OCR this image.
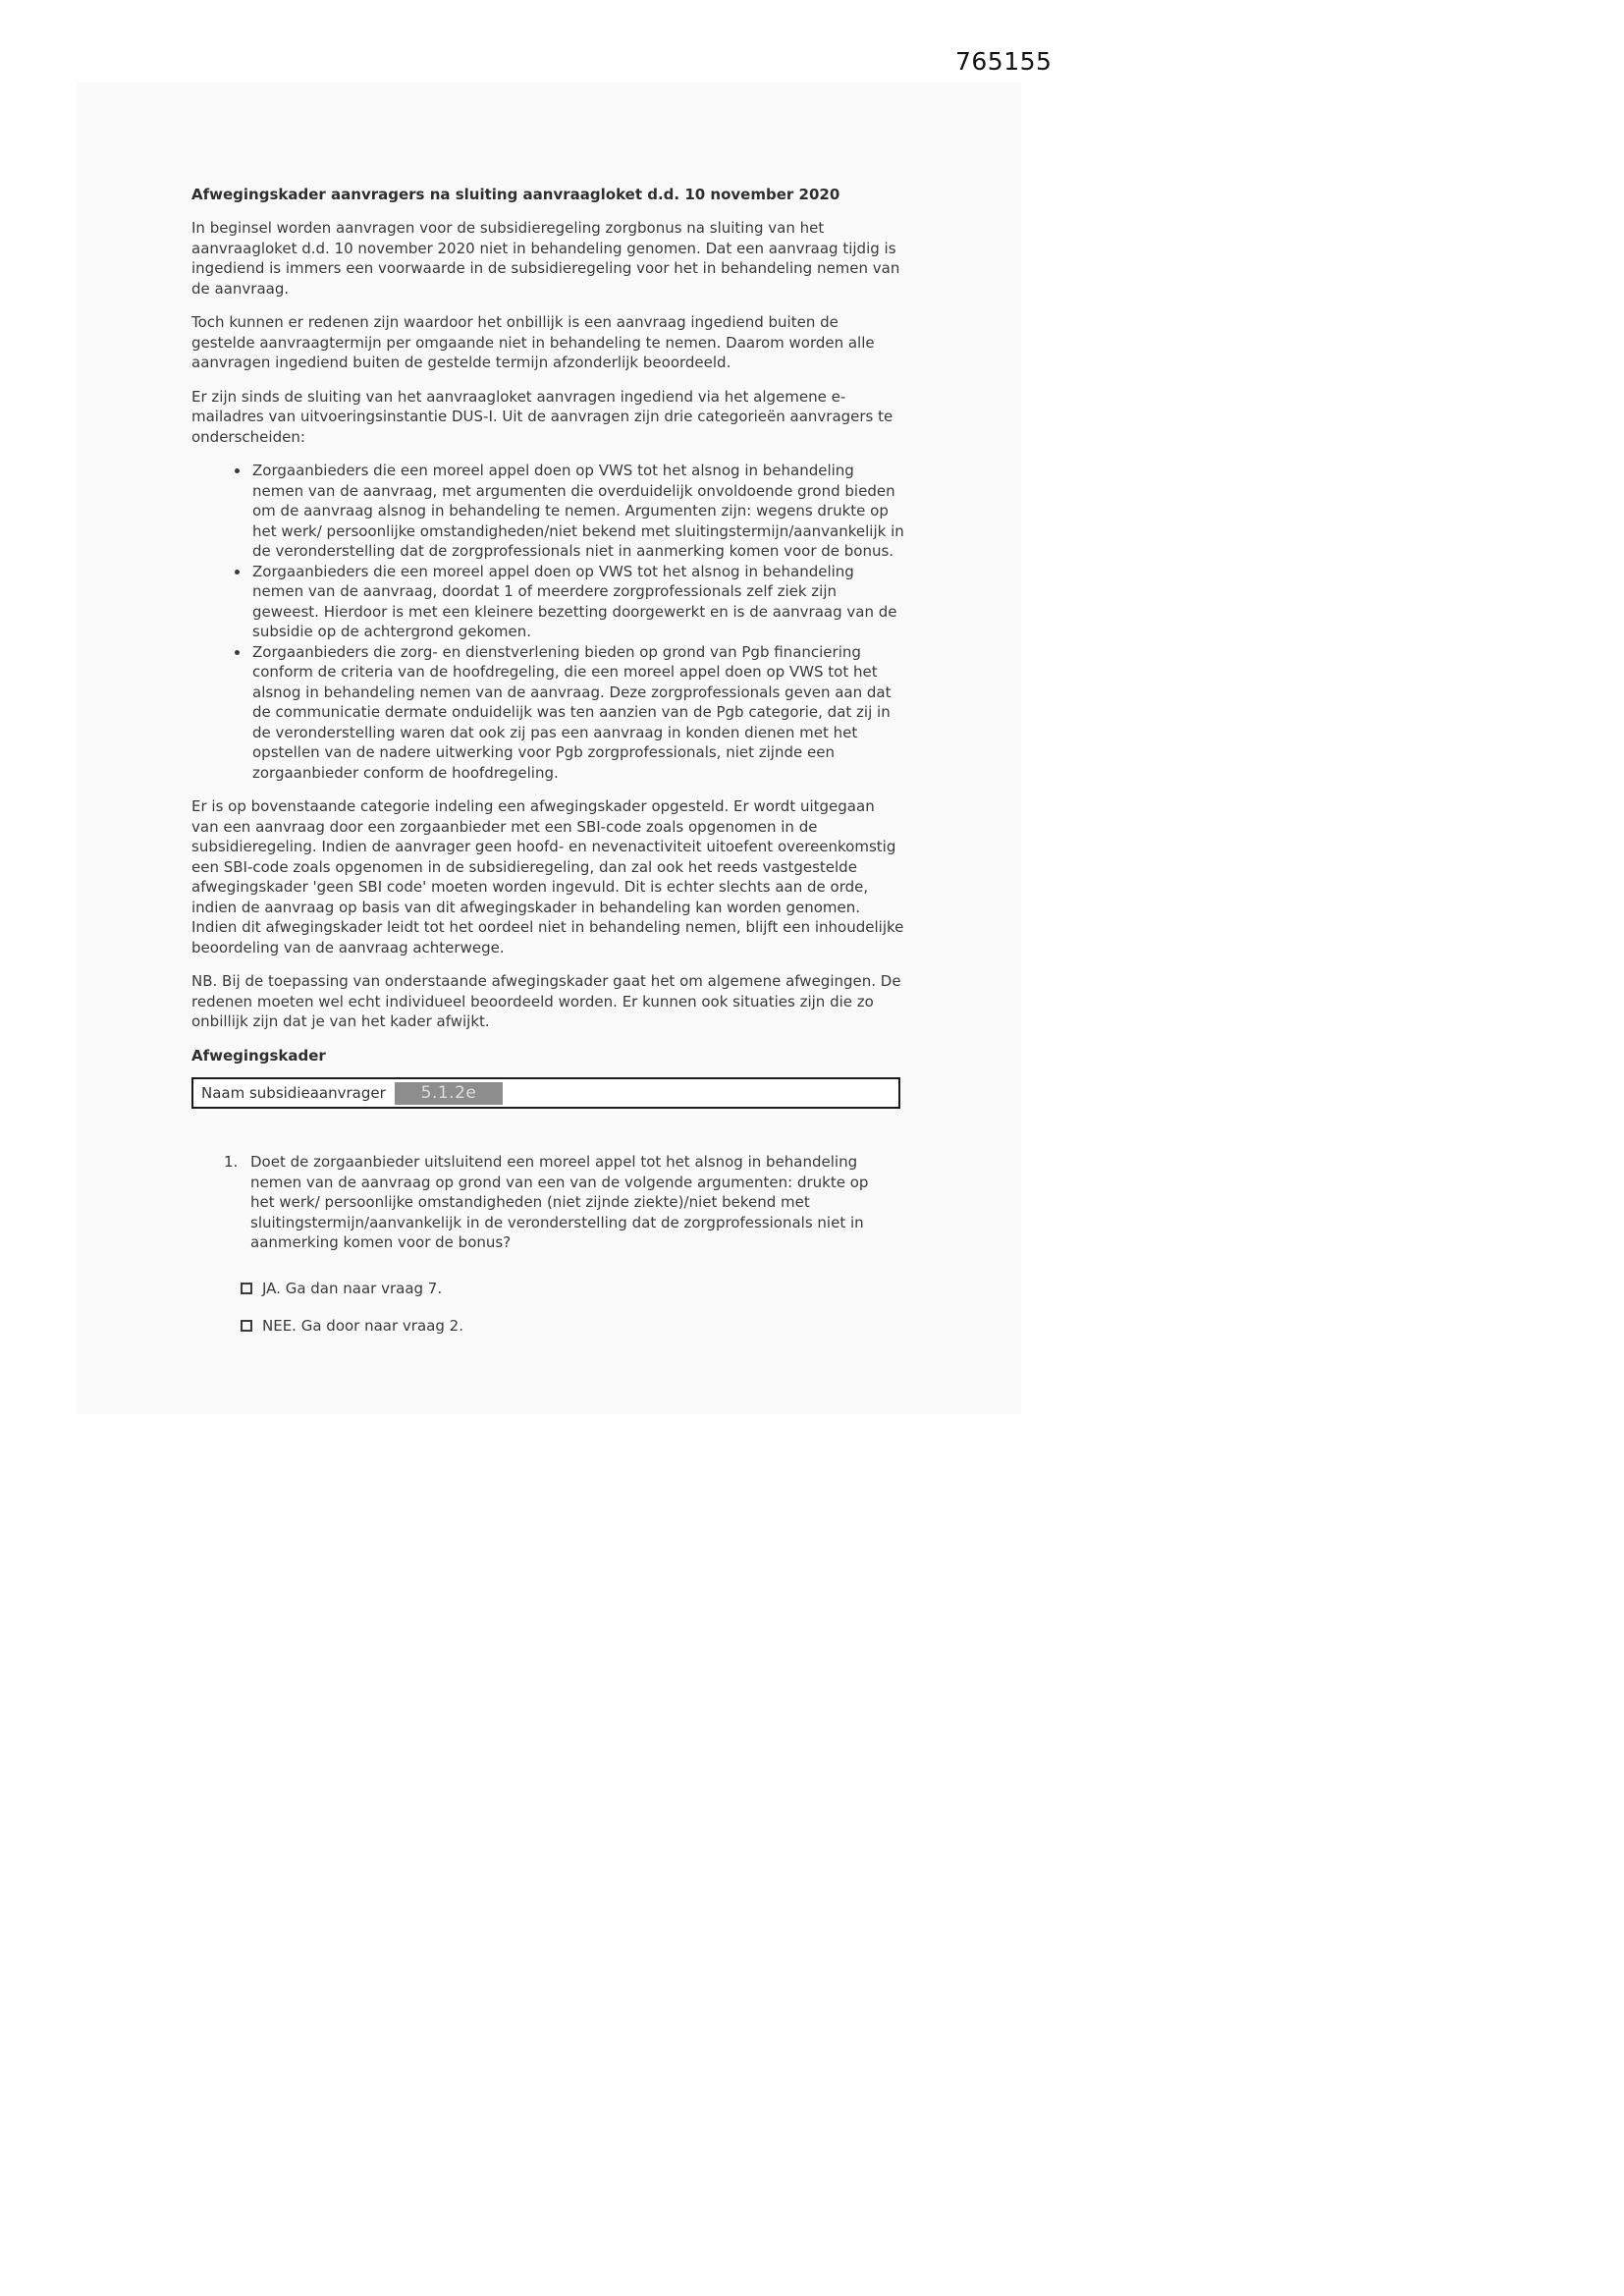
765155
Afwegingskader aanvragers na sluiting aanvraagloket d.d. 10 november 2020

In beginsel worden aanvragen voor de subsidieregeling zorgbonus na sluiting van het aanvraagloket d.d. 10 november 2020 niet in behandeling genomen. Dat een aanvraag tijdig is ingediend is immers een voorwaarde in de subsidieregeling voor het in behandeling nemen van de aanvraag.

Toch kunnen er redenen zijn waardoor het onbillijk is een aanvraag ingediend buiten de gestelde aanvraagtermijn per omgaande niet in behandeling te nemen. Daarom worden alle aanvragen ingediend buiten de gestelde termijn afzonderlijk beoordeeld.

Er zijn sinds de sluiting van het aanvraagloket aanvragen ingediend via het algemene e-mailadres van uitvoeringsinstantie DUS-I. Uit de aanvragen zijn drie categorieën aanvragers te onderscheiden:

• Zorgaanbieders die een moreel appel doen op VWS tot het alsnog in behandeling nemen van de aanvraag, met argumenten die overduidelijk onvoldoende grond bieden om de aanvraag alsnog in behandeling te nemen. Argumenten zijn: wegens drukte op het werk/ persoonlijke omstandigheden/niet bekend met sluitingstermijn/aanvankelijk in de veronderstelling dat de zorgprofessionals niet in aanmerking komen voor de bonus.
• Zorgaanbieders die een moreel appel doen op VWS tot het alsnog in behandeling nemen van de aanvraag, doordat 1 of meerdere zorgprofessionals zelf ziek zijn geweest. Hierdoor is met een kleinere bezetting doorgewerkt en is de aanvraag van de subsidie op de achtergrond gekomen.
• Zorgaanbieders die zorg- en dienstverlening bieden op grond van Pgb financiering conform de criteria van de hoofdregeling, die een moreel appel doen op VWS tot het alsnog in behandeling nemen van de aanvraag. Deze zorgprofessionals geven aan dat de communicatie dermate onduidelijk was ten aanzien van de Pgb categorie, dat zij in de veronderstelling waren dat ook zij pas een aanvraag in konden dienen met het opstellen van de nadere uitwerking voor Pgb zorgprofessionals, niet zijnde een zorgaanbieder conform de hoofdregeling.

Er is op bovenstaande categorie indeling een afwegingskader opgesteld. Er wordt uitgegaan van een aanvraag door een zorgaanbieder met een SBI-code zoals opgenomen in de subsidieregeling. Indien de aanvrager geen hoofd- en nevenactiviteit uitoefent overeenkomstig een SBI-code zoals opgenomen in de subsidieregeling, dan zal ook het reeds vastgestelde afwegingskader 'geen SBI code' moeten worden ingevuld. Dit is echter slechts aan de orde, indien de aanvraag op basis van dit afwegingskader in behandeling kan worden genomen. Indien dit afwegingskader leidt tot het oordeel niet in behandeling nemen, blijft een inhoudelijke beoordeling van de aanvraag achterwege.

NB. Bij de toepassing van onderstaande afwegingskader gaat het om algemene afwegingen. De redenen moeten wel echt individueel beoordeeld worden. Er kunnen ook situaties zijn die zo onbillijk zijn dat je van het kader afwijkt.

Afwegingskader
Naam subsidieaanvrager	5.1.2e
1. Doet de zorgaanbieder uitsluitend een moreel appel tot het alsnog in behandeling nemen van de aanvraag op grond van een van de volgende argumenten: drukte op het werk/ persoonlijke omstandigheden (niet zijnde ziekte)/niet bekend met sluitingstermijn/aanvankelijk in de veronderstelling dat de zorgprofessionals niet in aanmerking komen voor de bonus?
JA. Ga dan naar vraag 7.
NEE. Ga door naar vraag 2.
